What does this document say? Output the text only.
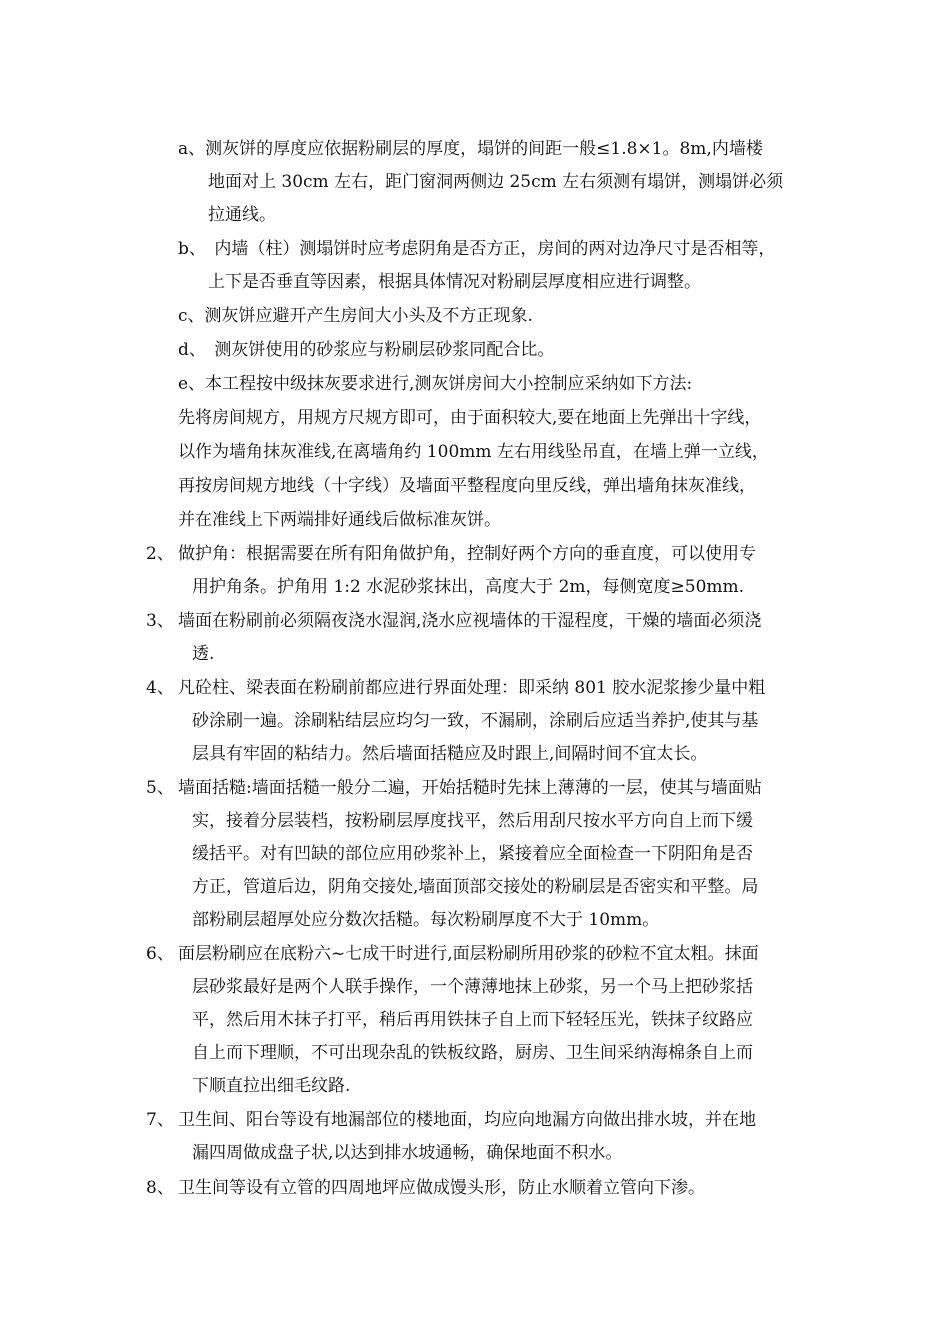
a、测灰饼的厚度应依据粉刷层的厚度，塌饼的间距一般≤1.8×1。8m,内墙楼
地面对上 30cm 左右，距门窗洞两侧边 25cm 左右须测有塌饼，测塌饼必须
拉通线。
b、　内墙（柱）测塌饼时应考虑阴角是否方正，房间的两对边净尺寸是否相等，
上下是否垂直等因素，根据具体情况对粉刷层厚度相应进行调整。
c、测灰饼应避开产生房间大小头及不方正现象.
d、　测灰饼使用的砂浆应与粉刷层砂浆同配合比。
e、本工程按中级抹灰要求进行,测灰饼房间大小控制应采纳如下方法:
先将房间规方，用规方尺规方即可，由于面积较大,要在地面上先弹出十字线，
以作为墙角抹灰准线,在离墙角约 100mm 左右用线坠吊直，在墙上弹一立线，
再按房间规方地线（十字线）及墙面平整程度向里反线，弹出墙角抹灰准线，
并在准线上下两端排好通线后做标准灰饼。
2、 做护角：根据需要在所有阳角做护角，控制好两个方向的垂直度，可以使用专
用护角条。护角用 1:2 水泥砂浆抹出，高度大于 2m，每侧宽度≥50mm.
3、 墙面在粉刷前必须隔夜浇水湿润,浇水应视墙体的干湿程度，干燥的墙面必须浇
透.
4、 凡砼柱、梁表面在粉刷前都应进行界面处理：即采纳 801 胶水泥浆掺少量中粗
砂涂刷一遍。涂刷粘结层应均匀一致，不漏刷，涂刷后应适当养护,使其与基
层具有牢固的粘结力。然后墙面括糙应及时跟上,间隔时间不宜太长。
5、 墙面括糙:墙面括糙一般分二遍，开始括糙时先抹上薄薄的一层，使其与墙面贴
实，接着分层装档，按粉刷层厚度找平，然后用刮尺按水平方向自上而下缓
缓括平。对有凹缺的部位应用砂浆补上，紧接着应全面检查一下阴阳角是否
方正，管道后边，阴角交接处,墙面顶部交接处的粉刷层是否密实和平整。局
部粉刷层超厚处应分数次括糙。每次粉刷厚度不大于 10mm。
6、 面层粉刷应在底粉六~七成干时进行,面层粉刷所用砂浆的砂粒不宜太粗。抹面
层砂浆最好是两个人联手操作，一个薄薄地抹上砂浆，另一个马上把砂浆括
平，然后用木抹子打平，稍后再用铁抹子自上而下轻轻压光，铁抹子纹路应
自上而下理顺，不可出现杂乱的铁板纹路，厨房、卫生间采纳海棉条自上而
下顺直拉出细毛纹路.
7、 卫生间、阳台等设有地漏部位的楼地面，均应向地漏方向做出排水坡，并在地
漏四周做成盘子状,以达到排水坡通畅，确保地面不积水。
8、 卫生间等设有立管的四周地坪应做成馒头形，防止水顺着立管向下渗。
